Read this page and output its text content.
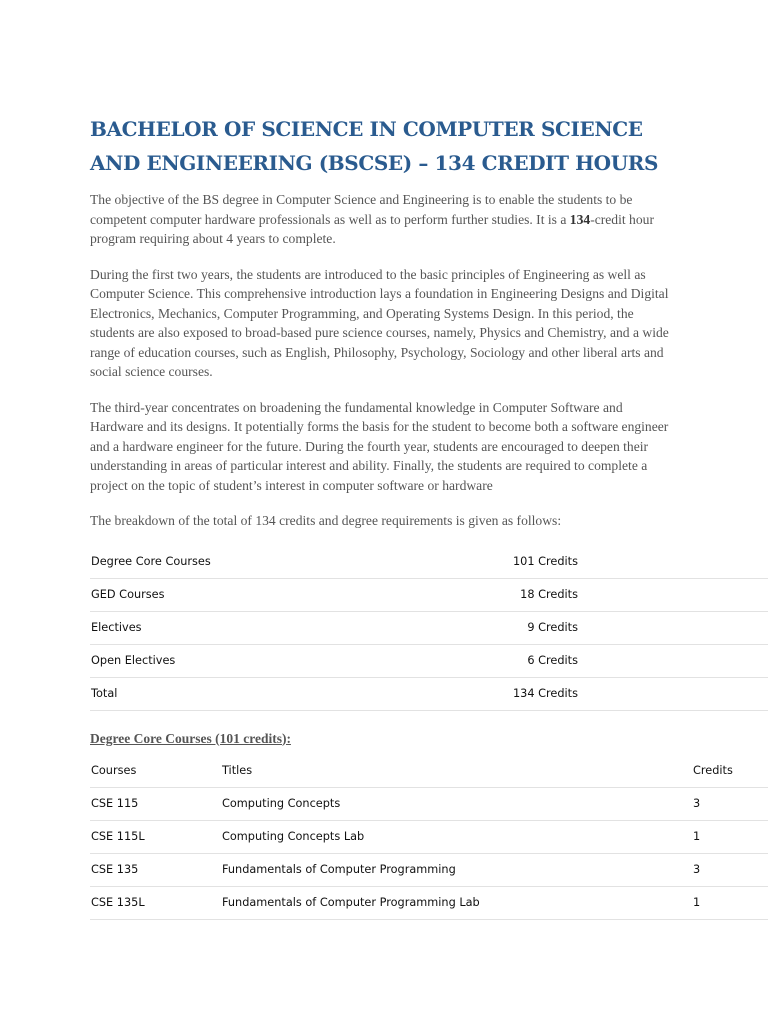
BACHELOR OF SCIENCE IN COMPUTER SCIENCE
AND ENGINEERING (BSCSE) – 134 CREDIT HOURS

The objective of the BS degree in Computer Science and Engineering is to enable the students to be competent computer hardware professionals as well as to perform further studies. It is a 134-credit hour program requiring about 4 years to complete.

During the first two years, the students are introduced to the basic principles of Engineering as well as Computer Science. This comprehensive introduction lays a foundation in Engineering Designs and Digital Electronics, Mechanics, Computer Programming, and Operating Systems Design. In this period, the students are also exposed to broad-based pure science courses, namely, Physics and Chemistry, and a wide range of education courses, such as English, Philosophy, Psychology, Sociology and other liberal arts and social science courses.

The third-year concentrates on broadening the fundamental knowledge in Computer Software and Hardware and its designs. It potentially forms the basis for the student to become both a software engineer and a hardware engineer for the future. During the fourth year, students are encouraged to deepen their understanding in areas of particular interest and ability. Finally, the students are required to complete a project on the topic of student’s interest in computer software or hardware

The breakdown of the total of 134 credits and degree requirements is given as follows:

Degree Core Courses	101 Credits
GED Courses	18 Credits
Electives	9 Credits
Open Electives	6 Credits
Total	134 Credits
Degree Core Courses (101 credits):
Courses	Titles	Credits
CSE 115	Computing Concepts	3
CSE 115L	Computing Concepts Lab	1
CSE 135	Fundamentals of Computer Programming	3
CSE 135L	Fundamentals of Computer Programming Lab	1
